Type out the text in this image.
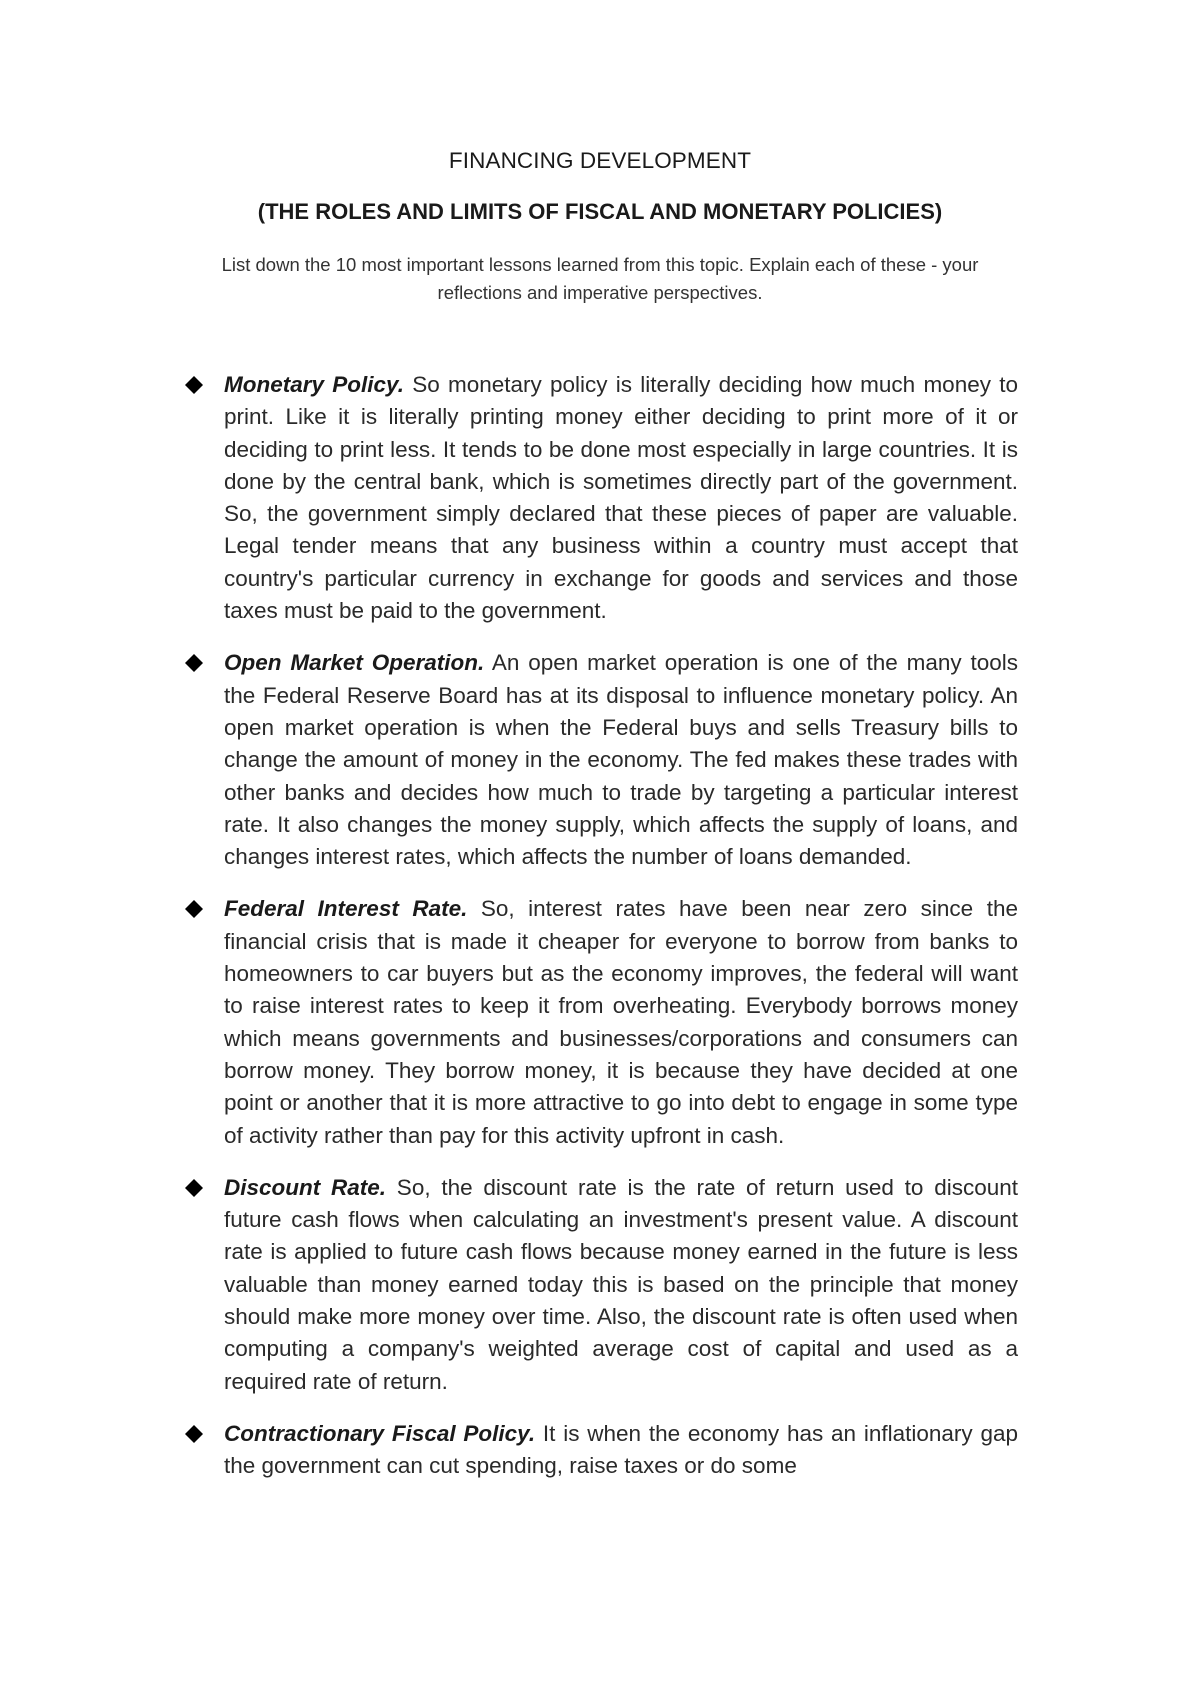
FINANCING DEVELOPMENT
(THE ROLES AND LIMITS OF FISCAL AND MONETARY POLICIES)
List down the 10 most important lessons learned from this topic. Explain each of these - your reflections and imperative perspectives.
Monetary Policy. So monetary policy is literally deciding how much money to print. Like it is literally printing money either deciding to print more of it or deciding to print less. It tends to be done most especially in large countries. It is done by the central bank, which is sometimes directly part of the government. So, the government simply declared that these pieces of paper are valuable. Legal tender means that any business within a country must accept that country's particular currency in exchange for goods and services and those taxes must be paid to the government.
Open Market Operation. An open market operation is one of the many tools the Federal Reserve Board has at its disposal to influence monetary policy. An open market operation is when the Federal buys and sells Treasury bills to change the amount of money in the economy. The fed makes these trades with other banks and decides how much to trade by targeting a particular interest rate. It also changes the money supply, which affects the supply of loans, and changes interest rates, which affects the number of loans demanded.
Federal Interest Rate. So, interest rates have been near zero since the financial crisis that is made it cheaper for everyone to borrow from banks to homeowners to car buyers but as the economy improves, the federal will want to raise interest rates to keep it from overheating. Everybody borrows money which means governments and businesses/corporations and consumers can borrow money. They borrow money, it is because they have decided at one point or another that it is more attractive to go into debt to engage in some type of activity rather than pay for this activity upfront in cash.
Discount Rate. So, the discount rate is the rate of return used to discount future cash flows when calculating an investment's present value. A discount rate is applied to future cash flows because money earned in the future is less valuable than money earned today this is based on the principle that money should make more money over time. Also, the discount rate is often used when computing a company's weighted average cost of capital and used as a required rate of return.
Contractionary Fiscal Policy. It is when the economy has an inflationary gap the government can cut spending, raise taxes or do some
